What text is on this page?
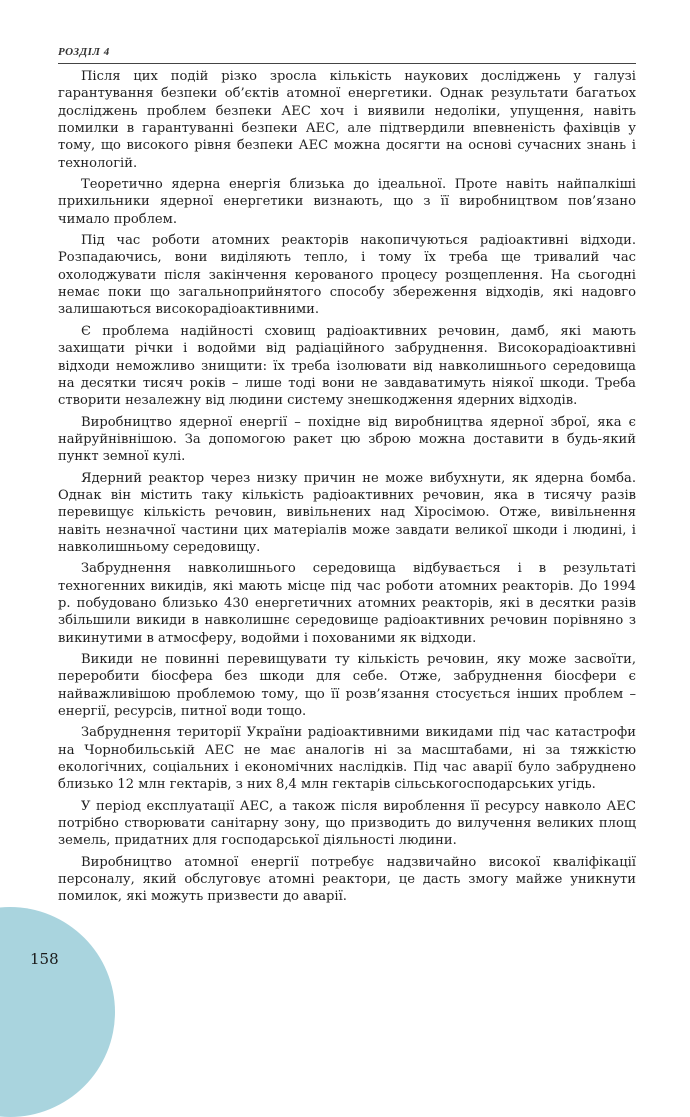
РОЗДІЛ 4

Після цих подій різко зросла кількість наукових досліджень у галузі гарантування безпеки об’єктів атомної енергетики. Однак результати багатьох досліджень проблем безпеки АЕС хоч і виявили недоліки, упущення, навіть помилки в гарантуванні безпеки АЕС, але підтвердили впевненість фахівців у тому, що високого рівня безпеки АЕС можна досягти на основі сучасних знань і технологій.

Теоретично ядерна енергія близька до ідеальної. Проте навіть найпалкіші прихильники ядерної енергетики визнають, що з її виробництвом пов’язано чимало проблем.

Під час роботи атомних реакторів накопичуються радіоактивні відходи. Розпадаючись, вони виділяють тепло, і тому їх треба ще тривалий час охолоджувати після закінчення керованого процесу розщеплення. На сьогодні немає поки що загальноприйнятого способу збереження відходів, які надовго залишаються високорадіоактивними.

Є проблема надійності сховищ радіоактивних речовин, дамб, які мають захищати річки і водойми від радіаційного забруднення. Високорадіоактивні відходи неможливо знищити: їх треба ізолювати від навколишнього середовища на десятки тисяч років – лише тоді вони не завдаватимуть ніякої шкоди. Треба створити незалежну від людини систему знешкодження ядерних відходів.

Виробництво ядерної енергії – похідне від виробництва ядерної зброї, яка є найруйнівнішою. За допомогою ракет цю зброю можна доставити в будь-який пункт земної кулі.

Ядерний реактор через низку причин не може вибухнути, як ядерна бомба. Однак він містить таку кількість радіоактивних речовин, яка в тисячу разів перевищує кількість речовин, вивільнених над Хіросімою. Отже, вивільнення навіть незначної частини цих матеріалів може завдати великої шкоди і людині, і навколишньому середовищу.

Забруднення навколишнього середовища відбувається і в результаті техногенних викидів, які мають місце під час роботи атомних реакторів. До 1994 р. побудовано близько 430 енергетичних атомних реакторів, які в десятки разів збільшили викиди в навколишнє середовище радіоактивних речовин порівняно з викинутими в атмосферу, водойми і похованими як відходи.

Викиди не повинні перевищувати ту кількість речовин, яку може засвоїти, переробити біосфера без шкоди для себе. Отже, забруднення біосфери є найважливішою проблемою тому, що її розв’язання стосується інших проблем – енергії, ресурсів, питної води тощо.

Забруднення території України радіоактивними викидами під час катастрофи на Чорнобильській АЕС не має аналогів ні за масштабами, ні за тяжкістю екологічних, соціальних і економічних наслідків. Під час аварії було забруднено близько 12 млн гектарів, з них 8,4 млн гектарів сільськогосподарських угідь.

У період експлуатації АЕС, а також після вироблення її ресурсу навколо АЕС потрібно створювати санітарну зону, що призводить до вилучення великих площ земель, придатних для господарської діяльності людини.

Виробництво атомної енергії потребує надзвичайно високої кваліфікації персоналу, який обслуговує атомні реактори, це дасть змогу майже уникнути помилок, які можуть призвести до аварії.

158
